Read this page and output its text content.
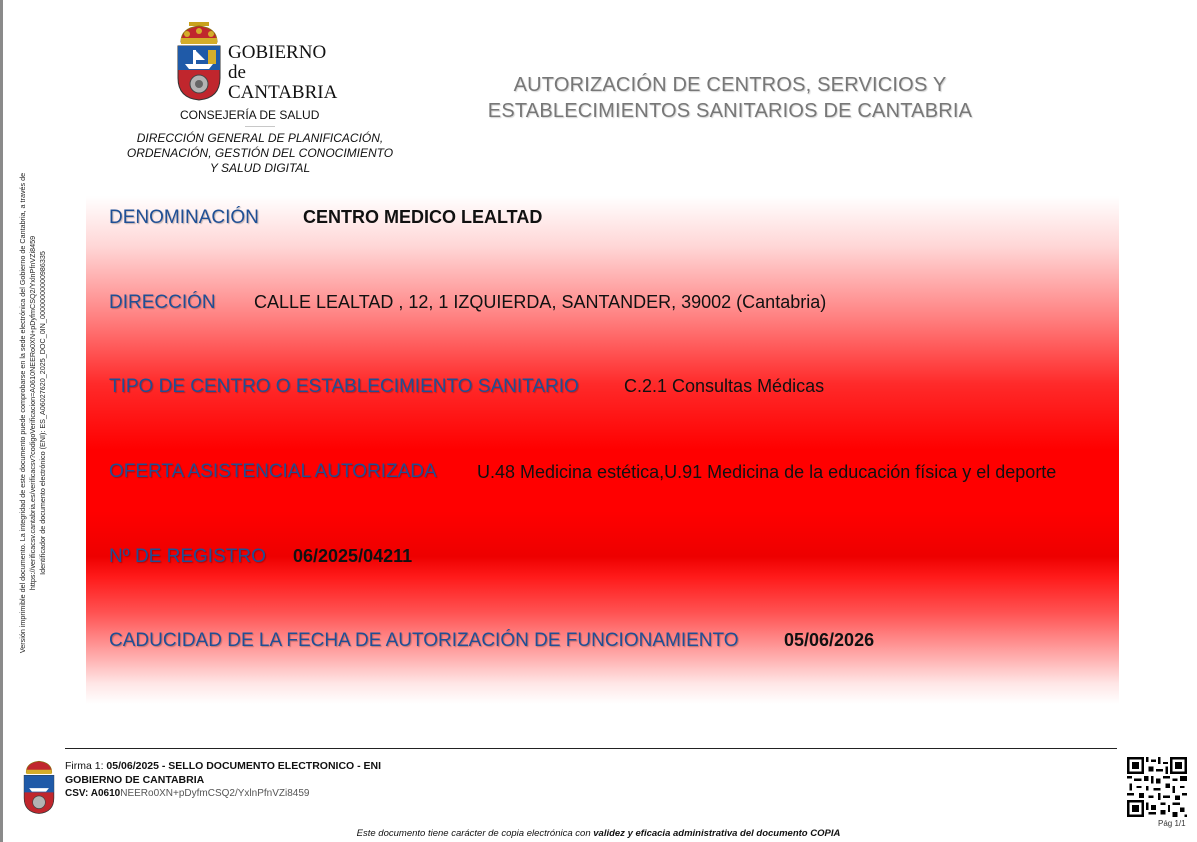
Versión imprimible del documento. La integridad de este documento puede comprobarse en la sede electrónica del Gobierno de Cantabria, a través de https://verificacsv.cantabria.es/verificacsv?codigoVerificacion=A0610NEERo0XN+pDyfmCSQ2/YxlnPfnVZi8459 Identificador de documento electrónico (ENI): ES_A06027620_2025_DOC_0IN_00000000000986335
GOBIERNO
de
CANTABRIA
CONSEJERÍA DE SALUD
DIRECCIÓN GENERAL DE PLANIFICACIÓN,
ORDENACIÓN, GESTIÓN DEL CONOCIMIENTO
Y SALUD DIGITAL
AUTORIZACIÓN DE CENTROS, SERVICIOS Y
ESTABLECIMIENTOS SANITARIOS DE CANTABRIA
DENOMINACIÓN CENTRO MEDICO LEALTAD
DIRECCIÓN CALLE LEALTAD , 12, 1 IZQUIERDA, SANTANDER, 39002 (Cantabria)
TIPO DE CENTRO O ESTABLECIMIENTO SANITARIO	C.2.1 Consultas Médicas
OFERTA ASISTENCIAL AUTORIZADA U.48 Medicina estética,U.91 Medicina de la educación física y el deporte
Nº DE REGISTRO 06/2025/04211
CADUCIDAD DE LA FECHA DE AUTORIZACIÓN DE FUNCIONAMIENTO	05/06/2026
Firma 1: 05/06/2025 - SELLO DOCUMENTO ELECTRONICO - ENI
GOBIERNO DE CANTABRIA
CSV: A0610NEERo0XN+pDyfmCSQ2/YxlnPfnVZi8459
Pág 1/1
Este documento tiene carácter de copia electrónica con validez y eficacia administrativa del documento COPIA
